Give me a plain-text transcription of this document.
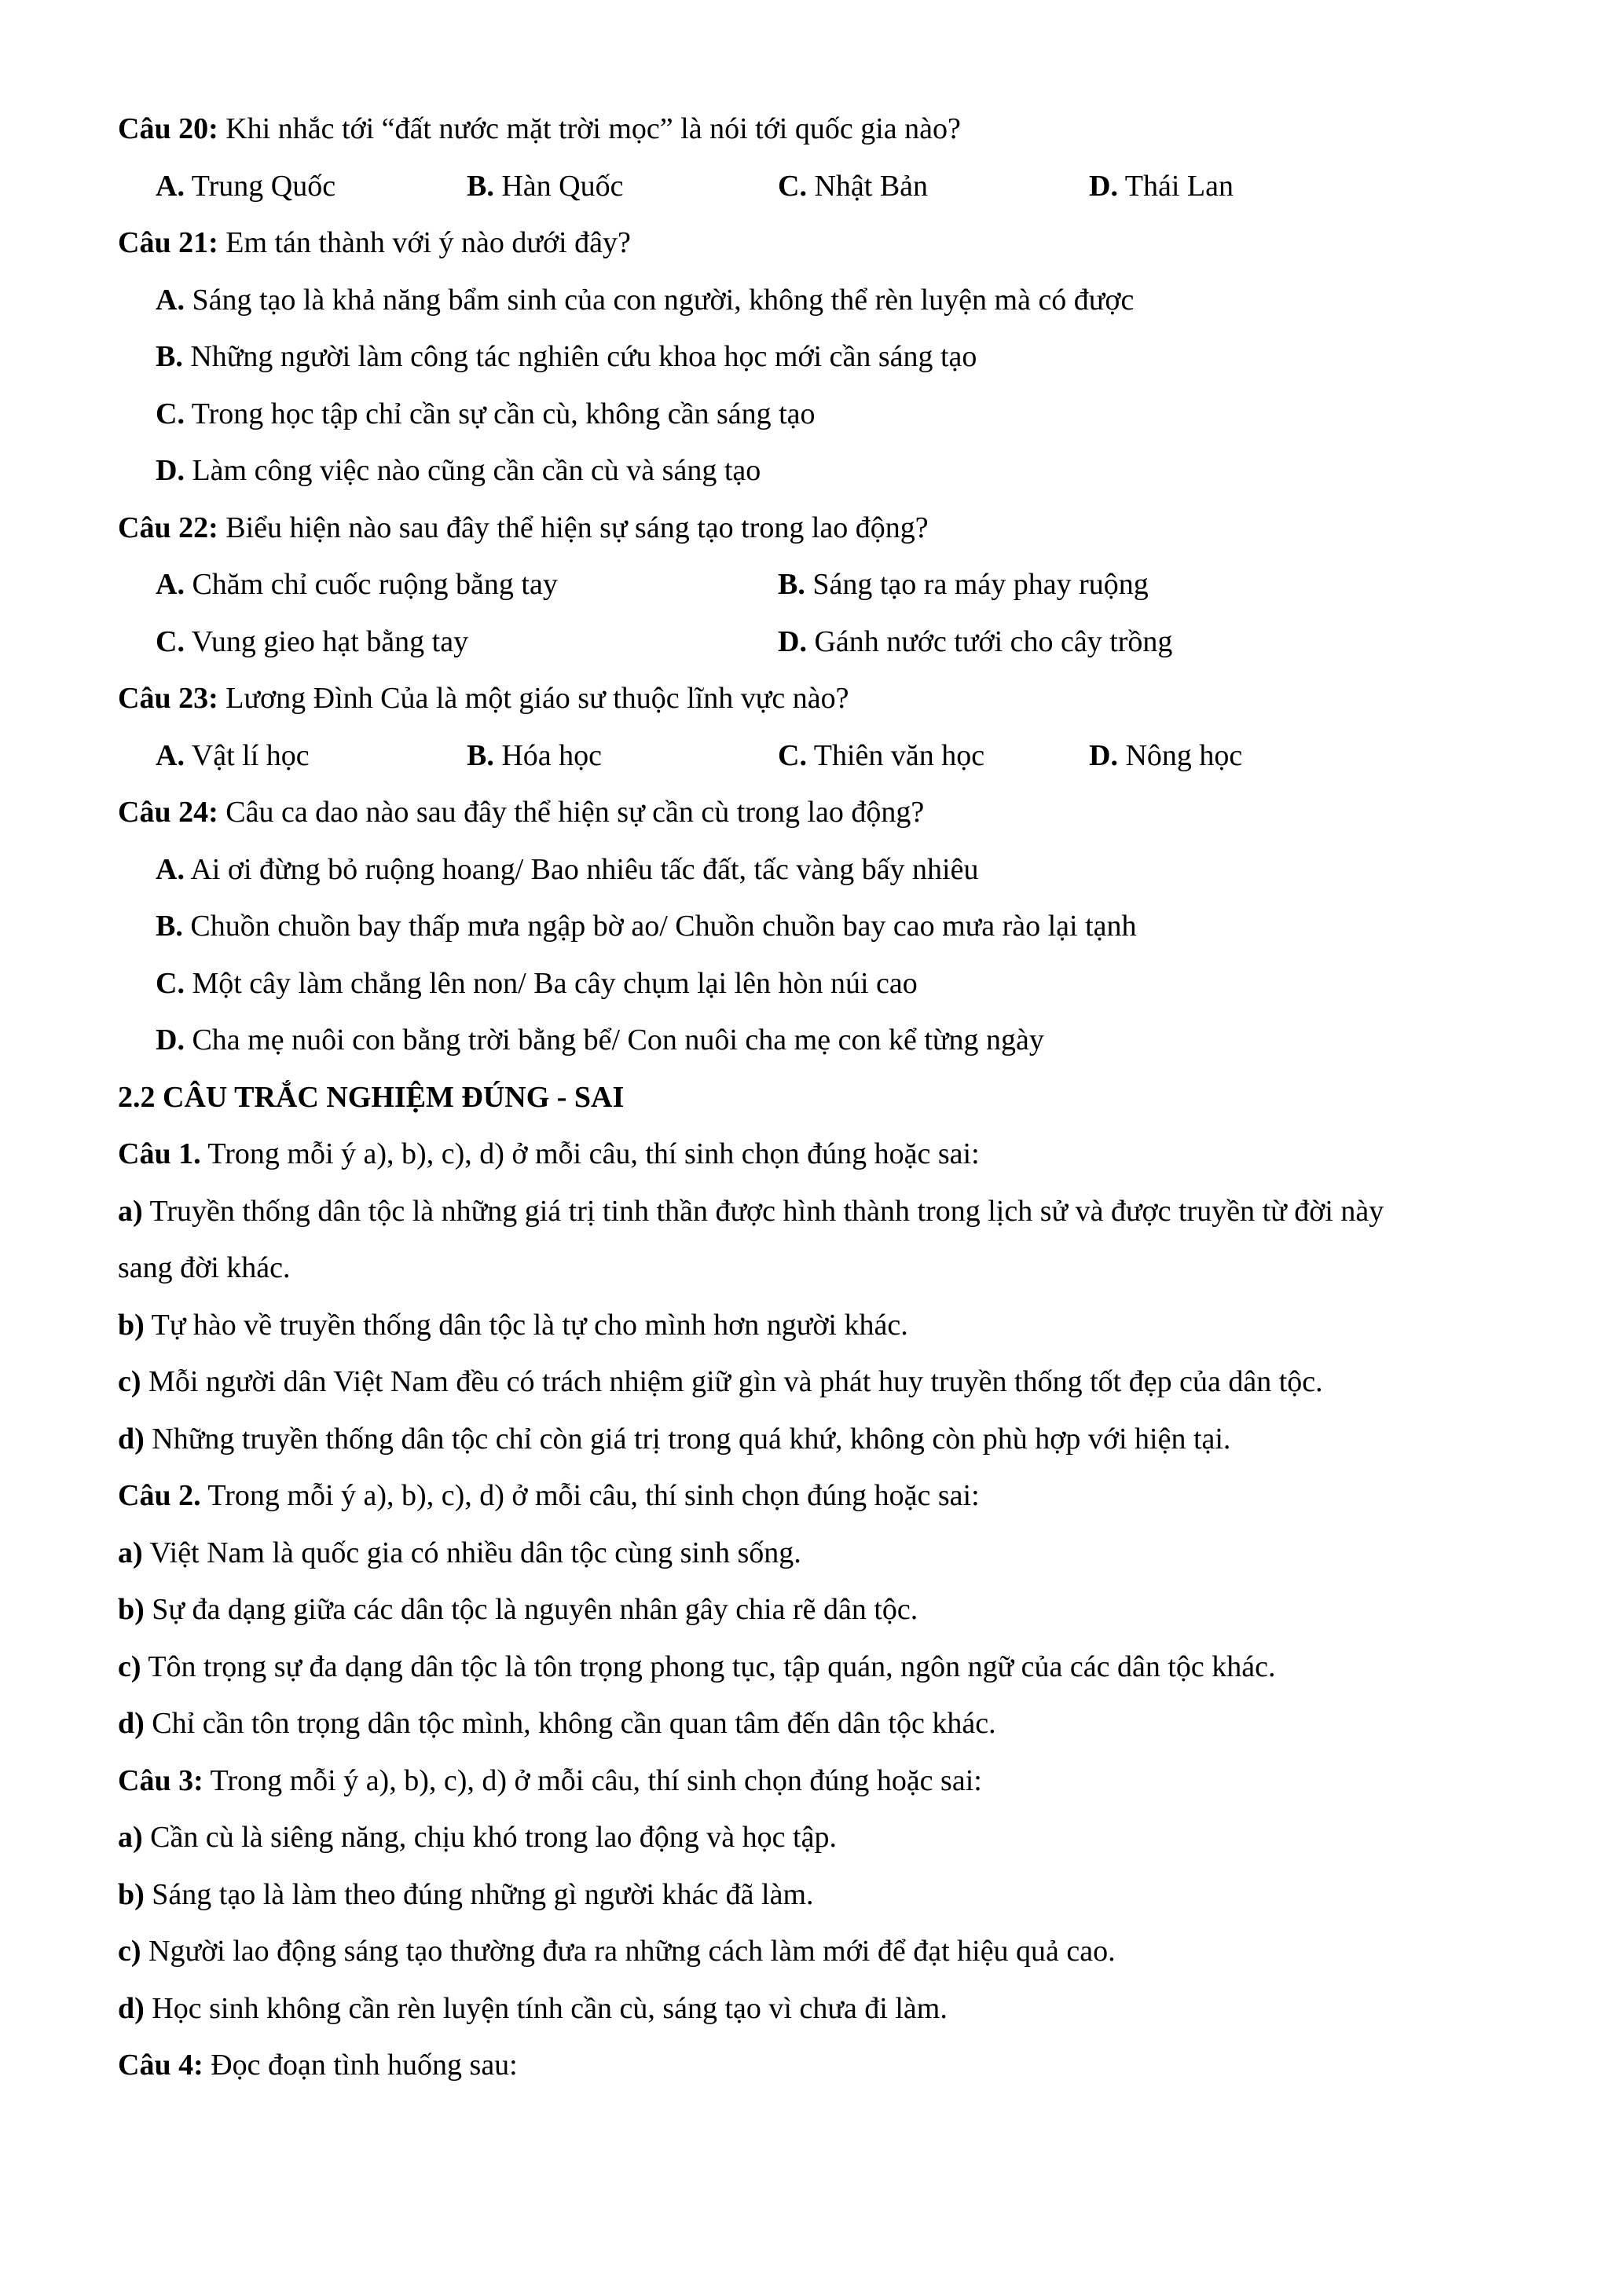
Câu 20: Khi nhắc tới “đất nước mặt trời mọc” là nói tới quốc gia nào?
A. Trung Quốc	B. Hàn Quốc	C. Nhật Bản	D. Thái Lan
Câu 21: Em tán thành với ý nào dưới đây?
A. Sáng tạo là khả năng bẩm sinh của con người, không thể rèn luyện mà có được
B. Những người làm công tác nghiên cứu khoa học mới cần sáng tạo
C. Trong học tập chỉ cần sự cần cù, không cần sáng tạo
D. Làm công việc nào cũng cần cần cù và sáng tạo
Câu 22: Biểu hiện nào sau đây thể hiện sự sáng tạo trong lao động?
A. Chăm chỉ cuốc ruộng bằng tay	B. Sáng tạo ra máy phay ruộng
C. Vung gieo hạt bằng tay	D. Gánh nước tưới cho cây trồng
Câu 23: Lương Đình Của là một giáo sư thuộc lĩnh vực nào?
A. Vật lí học	B. Hóa học	C. Thiên văn học	D. Nông học
Câu 24: Câu ca dao nào sau đây thể hiện sự cần cù trong lao động?
A. Ai ơi đừng bỏ ruộng hoang/ Bao nhiêu tấc đất, tấc vàng bấy nhiêu
B. Chuồn chuồn bay thấp mưa ngập bờ ao/ Chuồn chuồn bay cao mưa rào lại tạnh
C. Một cây làm chẳng lên non/ Ba cây chụm lại lên hòn núi cao
D. Cha mẹ nuôi con bằng trời bằng bể/ Con nuôi cha mẹ con kể từng ngày
2.2 CÂU TRẮC NGHIỆM ĐÚNG - SAI
Câu 1. Trong mỗi ý a), b), c), d) ở mỗi câu, thí sinh chọn đúng hoặc sai:
a) Truyền thống dân tộc là những giá trị tinh thần được hình thành trong lịch sử và được truyền từ đời này
sang đời khác.
b) Tự hào về truyền thống dân tộc là tự cho mình hơn người khác.
c) Mỗi người dân Việt Nam đều có trách nhiệm giữ gìn và phát huy truyền thống tốt đẹp của dân tộc.
d) Những truyền thống dân tộc chỉ còn giá trị trong quá khứ, không còn phù hợp với hiện tại.
Câu 2. Trong mỗi ý a), b), c), d) ở mỗi câu, thí sinh chọn đúng hoặc sai:
a) Việt Nam là quốc gia có nhiều dân tộc cùng sinh sống.
b) Sự đa dạng giữa các dân tộc là nguyên nhân gây chia rẽ dân tộc.
c) Tôn trọng sự đa dạng dân tộc là tôn trọng phong tục, tập quán, ngôn ngữ của các dân tộc khác.
d) Chỉ cần tôn trọng dân tộc mình, không cần quan tâm đến dân tộc khác.
Câu 3: Trong mỗi ý a), b), c), d) ở mỗi câu, thí sinh chọn đúng hoặc sai:
a) Cần cù là siêng năng, chịu khó trong lao động và học tập.
b) Sáng tạo là làm theo đúng những gì người khác đã làm.
c) Người lao động sáng tạo thường đưa ra những cách làm mới để đạt hiệu quả cao.
d) Học sinh không cần rèn luyện tính cần cù, sáng tạo vì chưa đi làm.
Câu 4: Đọc đoạn tình huống sau:
